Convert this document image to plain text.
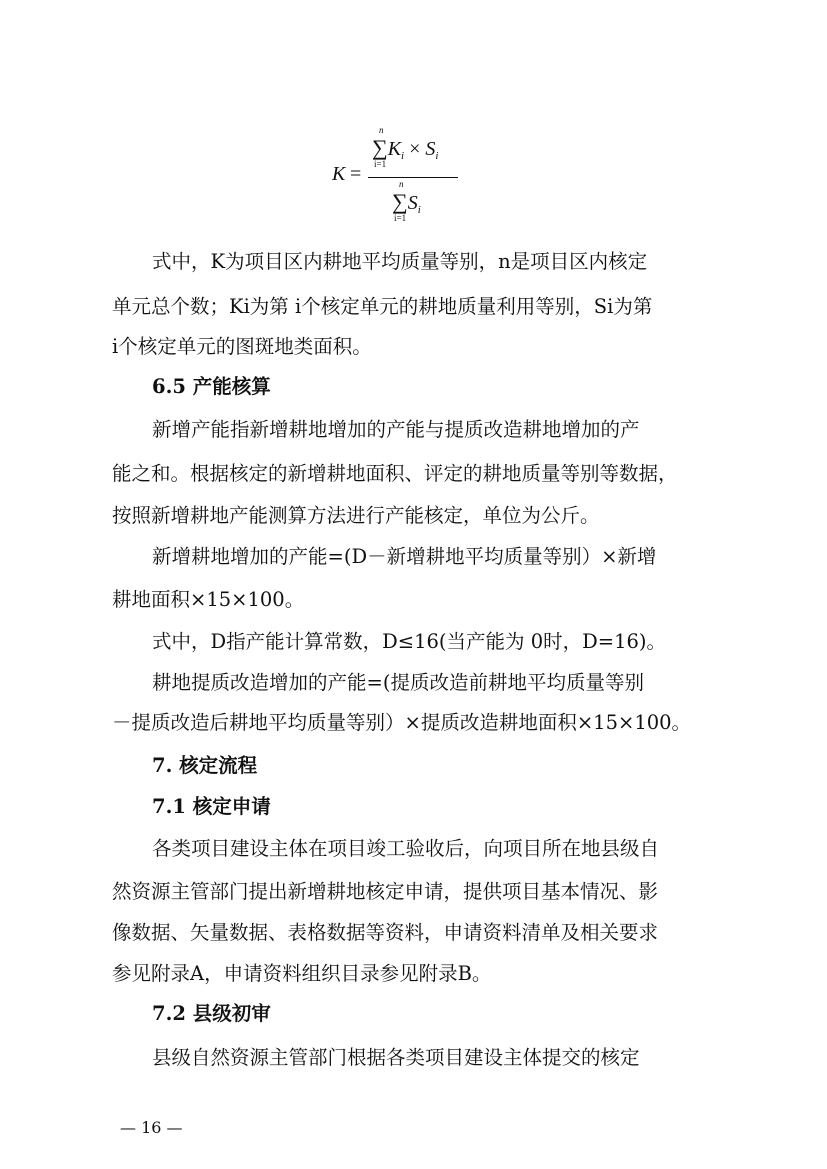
K =
∑
n
i=1
$K_i \times S_i$
∑
n
i=1
$S_i$
式中，K为项目区内耕地平均质量等别，n是项目区内核定
单元总个数；Ki为第 i个核定单元的耕地质量利用等别，Si为第
i个核定单元的图斑地类面积。
6.5 产能核算
新增产能指新增耕地增加的产能与提质改造耕地增加的产
能之和。根据核定的新增耕地面积、评定的耕地质量等别等数据，
按照新增耕地产能测算方法进行产能核定，单位为公斤。
新增耕地增加的产能=(D－新增耕地平均质量等别）×新增
耕地面积×15×100。
式中，D指产能计算常数，D≤16(当产能为 0时，D=16)。
耕地提质改造增加的产能=(提质改造前耕地平均质量等别
－提质改造后耕地平均质量等别）×提质改造耕地面积×15×100。
7. 核定流程
7.1 核定申请
各类项目建设主体在项目竣工验收后，向项目所在地县级自
然资源主管部门提出新增耕地核定申请，提供项目基本情况、影
像数据、矢量数据、表格数据等资料，申请资料清单及相关要求
参见附录A，申请资料组织目录参见附录B。
7.2 县级初审
县级自然资源主管部门根据各类项目建设主体提交的核定
— 16 —
